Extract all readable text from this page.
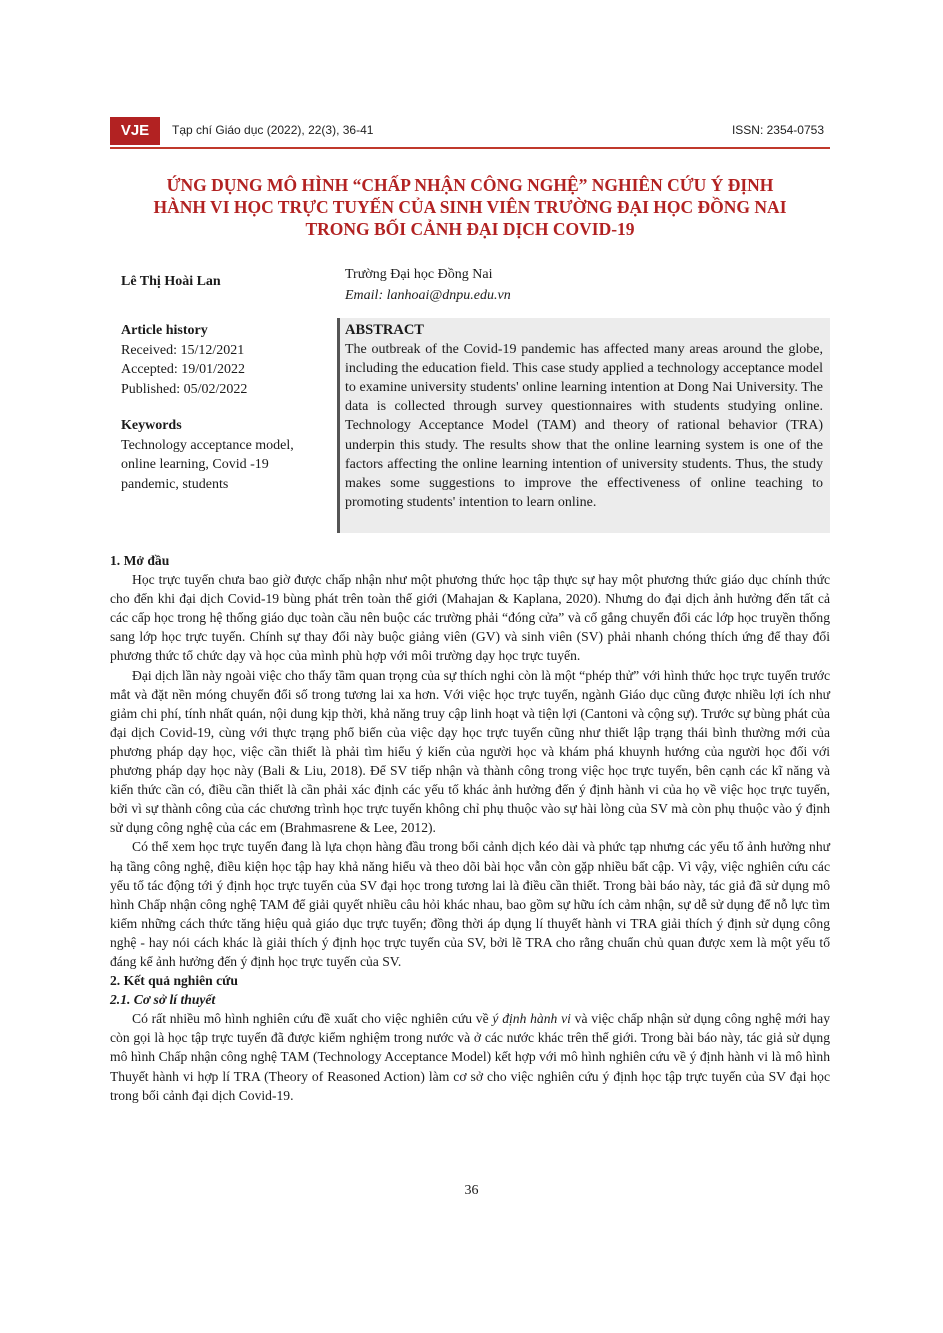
VJE	Tạp chí Giáo dục (2022), 22(3), 36-41	ISSN: 2354-0753
ỨNG DỤNG MÔ HÌNH “CHẤP NHẬN CÔNG NGHỆ” NGHIÊN CỨU Ý ĐỊNH
HÀNH VI HỌC TRỰC TUYẾN CỦA SINH VIÊN TRƯỜNG ĐẠI HỌC ĐỒNG NAI
TRONG BỐI CẢNH ĐẠI DỊCH COVID-19
Lê Thị Hoài Lan	Trường Đại học Đồng Nai
Email: lanhoai@dnpu.edu.vn
Article history
Received: 15/12/2021
Accepted: 19/01/2022
Published: 05/02/2022
Keywords
Technology acceptance model, online learning, Covid -19 pandemic, students
ABSTRACT
The outbreak of the Covid-19 pandemic has affected many areas around the globe, including the education field. This case study applied a technology acceptance model to examine university students' online learning intention at Dong Nai University. The data is collected through survey questionnaires with students studying online. Technology Acceptance Model (TAM) and theory of rational behavior (TRA) underpin this study. The results show that the online learning system is one of the factors affecting the online learning intention of university students. Thus, the study makes some suggestions to improve the effectiveness of online teaching to promoting students' intention to learn online.
1. Mở đầu

Học trực tuyến chưa bao giờ được chấp nhận như một phương thức học tập thực sự hay một phương thức giáo dục chính thức cho đến khi đại dịch Covid-19 bùng phát trên toàn thế giới (Mahajan & Kaplana, 2020). Nhưng do đại dịch ảnh hưởng đến tất cả các cấp học trong hệ thống giáo dục toàn cầu nên buộc các trường phải “đóng cửa” và cố gắng chuyển đổi các lớp học truyền thống sang lớp học trực tuyến. Chính sự thay đổi này buộc giảng viên (GV) và sinh viên (SV) phải nhanh chóng thích ứng để thay đổi phương thức tổ chức dạy và học của mình phù hợp với môi trường dạy học trực tuyến.

Đại dịch lần này ngoài việc cho thấy tầm quan trọng của sự thích nghi còn là một “phép thử” với hình thức học trực tuyến trước mắt và đặt nền móng chuyển đổi số trong tương lai xa hơn. Với việc học trực tuyến, ngành Giáo dục cũng được nhiều lợi ích như giảm chi phí, tính nhất quán, nội dung kịp thời, khả năng truy cập linh hoạt và tiện lợi (Cantoni và cộng sự). Trước sự bùng phát của đại dịch Covid-19, cùng với thực trạng phổ biến của việc dạy học trực tuyến cũng như thiết lập trạng thái bình thường mới của phương pháp dạy học, việc cần thiết là phải tìm hiểu ý kiến của người học và khám phá khuynh hướng của người học đối với phương pháp dạy học này (Bali & Liu, 2018). Để SV tiếp nhận và thành công trong việc học trực tuyến, bên cạnh các kĩ năng và kiến thức cần có, điều cần thiết là cần phải xác định các yếu tố khác ảnh hưởng đến ý định hành vi của họ về việc học trực tuyến, bởi vì sự thành công của các chương trình học trực tuyến không chỉ phụ thuộc vào sự hài lòng của SV mà còn phụ thuộc vào ý định sử dụng công nghệ của các em (Brahmasrene & Lee, 2012).

Có thể xem học trực tuyến đang là lựa chọn hàng đầu trong bối cảnh dịch kéo dài và phức tạp nhưng các yếu tố ảnh hưởng như hạ tầng công nghệ, điều kiện học tập hay khả năng hiểu và theo dõi bài học vẫn còn gặp nhiều bất cập. Vì vậy, việc nghiên cứu các yếu tố tác động tới ý định học trực tuyến của SV đại học trong tương lai là điều cần thiết. Trong bài báo này, tác giả đã sử dụng mô hình Chấp nhận công nghệ TAM để giải quyết nhiều câu hỏi khác nhau, bao gồm sự hữu ích cảm nhận, sự dễ sử dụng để nỗ lực tìm kiếm những cách thức tăng hiệu quả giáo dục trực tuyến; đồng thời áp dụng lí thuyết hành vi TRA giải thích ý định sử dụng công nghệ - hay nói cách khác là giải thích ý định học trực tuyến của SV, bởi lẽ TRA cho rằng chuẩn chủ quan được xem là một yếu tố đáng kể ảnh hưởng đến ý định học trực tuyến của SV.

2. Kết quả nghiên cứu
2.1. Cơ sở lí thuyết

Có rất nhiều mô hình nghiên cứu đề xuất cho việc nghiên cứu về ý định hành vi và việc chấp nhận sử dụng công nghệ mới hay còn gọi là học tập trực tuyến đã được kiểm nghiệm trong nước và ở các nước khác trên thế giới. Trong bài báo này, tác giả sử dụng mô hình Chấp nhận công nghệ TAM (Technology Acceptance Model) kết hợp với mô hình nghiên cứu về ý định hành vi là mô hình Thuyết hành vi hợp lí TRA (Theory of Reasoned Action) làm cơ sở cho việc nghiên cứu ý định học tập trực tuyến của SV đại học trong bối cảnh đại dịch Covid-19.

36
